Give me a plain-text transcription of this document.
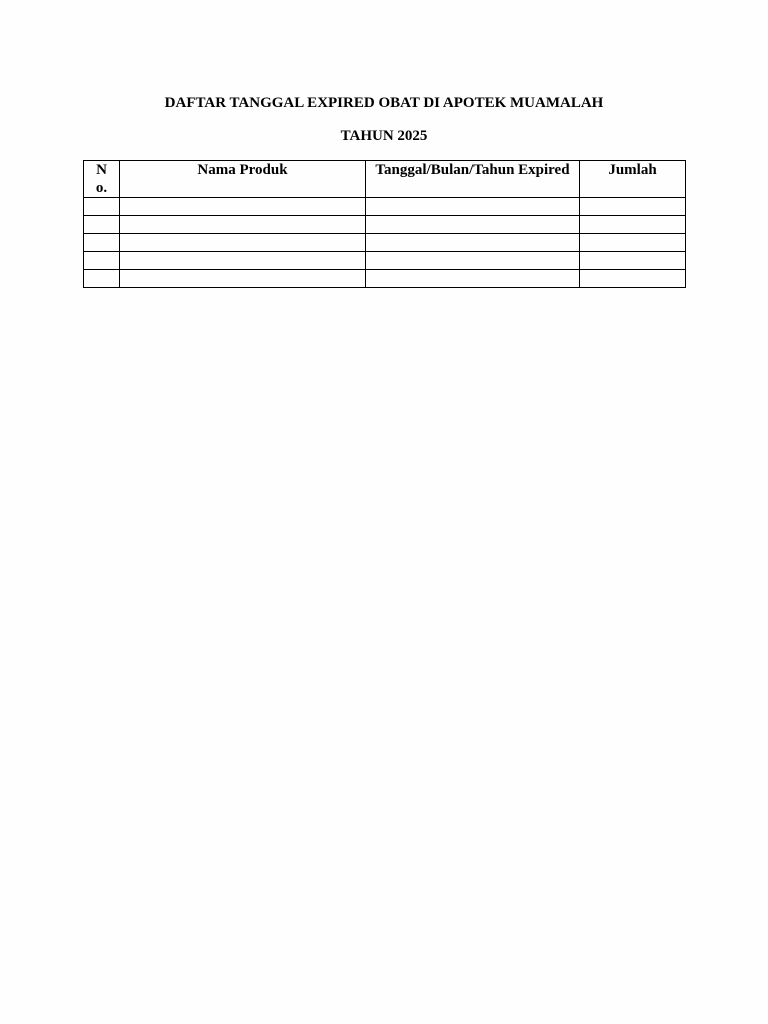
DAFTAR TANGGAL EXPIRED OBAT DI APOTEK MUAMALAH

TAHUN 2025

No.	Nama Produk	Tanggal/Bulan/Tahun Expired	Jumlah
